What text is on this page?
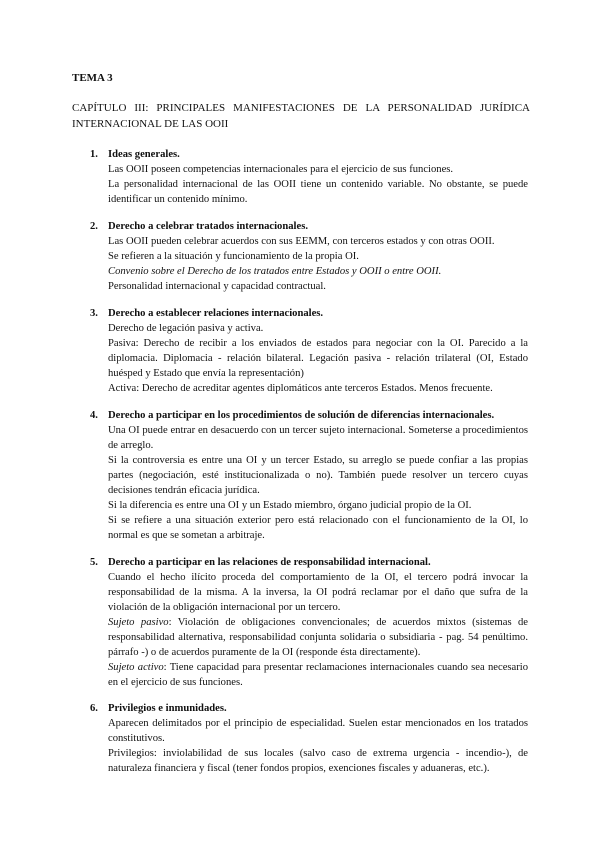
TEMA 3
CAPÍTULO III: PRINCIPALES MANIFESTACIONES DE LA PERSONALIDAD JURÍDICA INTERNACIONAL DE LAS OOII
1. Ideas generales.

Las OOII poseen competencias internacionales para el ejercicio de sus funciones.

La personalidad internacional de las OOII tiene un contenido variable. No obstante, se puede identificar un contenido mínimo.

2. Derecho a celebrar tratados internacionales.

Las OOII pueden celebrar acuerdos con sus EEMM, con terceros estados y con otras OOII.

Se refieren a la situación y funcionamiento de la propia OI.

Convenio sobre el Derecho de los tratados entre Estados y OOII o entre OOII.

Personalidad internacional y capacidad contractual.

3. Derecho a establecer relaciones internacionales.

Derecho de legación pasiva y activa.

Pasiva: Derecho de recibir a los enviados de estados para negociar con la OI. Parecido a la diplomacia. Diplomacia - relación bilateral. Legación pasiva - relación trilateral (OI, Estado huésped y Estado que envía la representación)

Activa: Derecho de acreditar agentes diplomáticos ante terceros Estados. Menos frecuente.

4. Derecho a participar en los procedimientos de solución de diferencias internacionales.

Una OI puede entrar en desacuerdo con un tercer sujeto internacional. Someterse a procedimientos de arreglo.

Si la controversia es entre una OI y un tercer Estado, su arreglo se puede confiar a las propias partes (negociación, esté institucionalizada o no). También puede resolver un tercero cuyas decisiones tendrán eficacia jurídica.

Si la diferencia es entre una OI y un Estado miembro, órgano judicial propio de la OI.

Si se refiere a una situación exterior pero está relacionado con el funcionamiento de la OI, lo normal es que se sometan a arbitraje.

5. Derecho a participar en las relaciones de responsabilidad internacional.

Cuando el hecho ilícito proceda del comportamiento de la OI, el tercero podrá invocar la responsabilidad de la misma. A la inversa, la OI podrá reclamar por el daño que sufra de la violación de la obligación internacional por un tercero.

Sujeto pasivo: Violación de obligaciones convencionales; de acuerdos mixtos (sistemas de responsabilidad alternativa, responsabilidad conjunta solidaria o subsidiaria - pag. 54 penúltimo. párrafo -) o de acuerdos puramente de la OI (responde ésta directamente).

Sujeto activo: Tiene capacidad para presentar reclamaciones internacionales cuando sea necesario en el ejercicio de sus funciones.

6. Privilegios e inmunidades.

Aparecen delimitados por el principio de especialidad. Suelen estar mencionados en los tratados constitutivos.

Privilegios: inviolabilidad de sus locales (salvo caso de extrema urgencia - incendio-), de naturaleza financiera y fiscal (tener fondos propios, exenciones fiscales y aduaneras, etc.).
